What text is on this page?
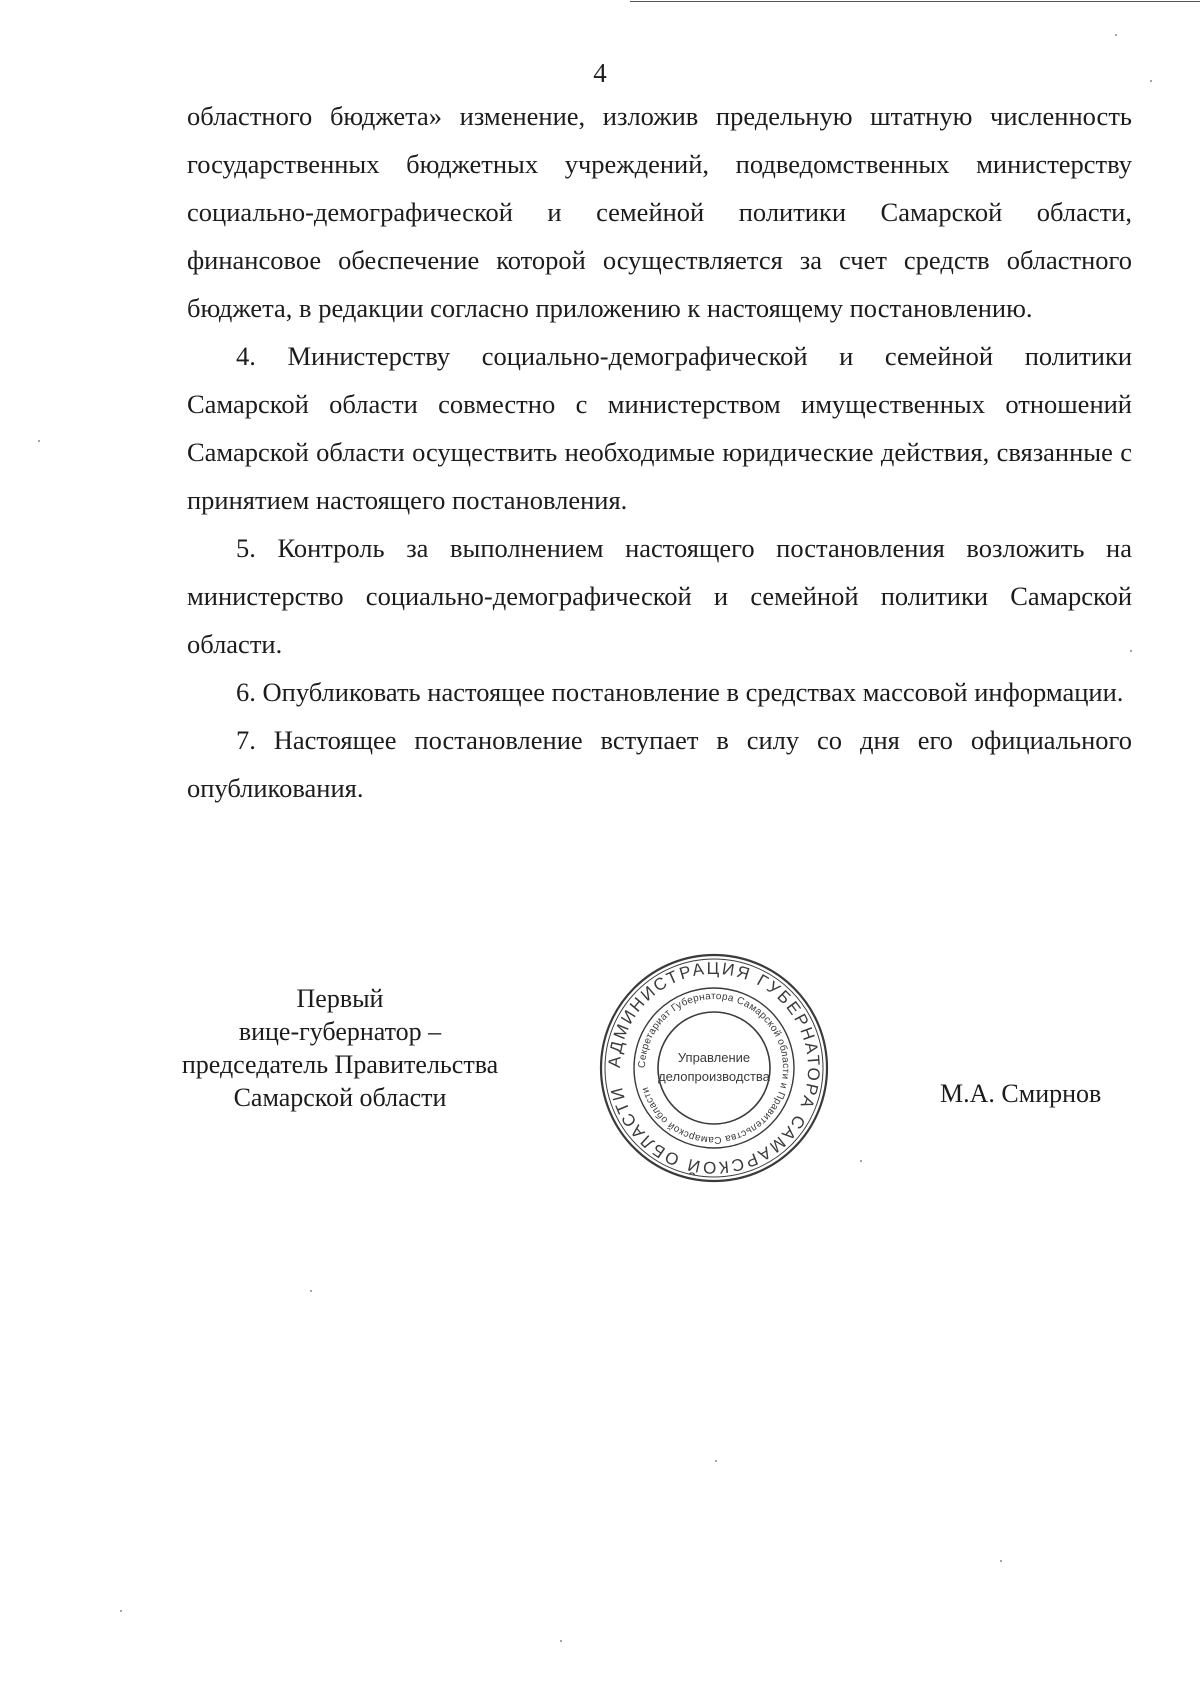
4

областного бюджета» изменение, изложив предельную штатную численность государственных бюджетных учреждений, подведомственных министерству социально-демографической и семейной политики Самарской области, финансовое обеспечение которой осуществляется за счет средств областного бюджета, в редакции согласно приложению к настоящему постановлению.

4. Министерству социально-демографической и семейной политики Самарской области совместно с министерством имущественных отношений Самарской области осуществить необходимые юридические действия, связанные с принятием настоящего постановления.

5. Контроль за выполнением настоящего постановления возложить на министерство социально-демографической и семейной политики Самарской области.

6. Опубликовать настоящее постановление в средствах массовой информации.

7. Настоящее постановление вступает в силу со дня его официального опубликования.

Первый
вице-губернатор –
председатель Правительства
Самарской области
АДМИНИСТРАЦИЯ ГУБЕРНАТОРА САМАРСКОЙ ОБЛАСТИ
Секретариат Губернатора Самарской области и Правительства Самарской области
Управление
делопроизводства
М.А. Смирнов
